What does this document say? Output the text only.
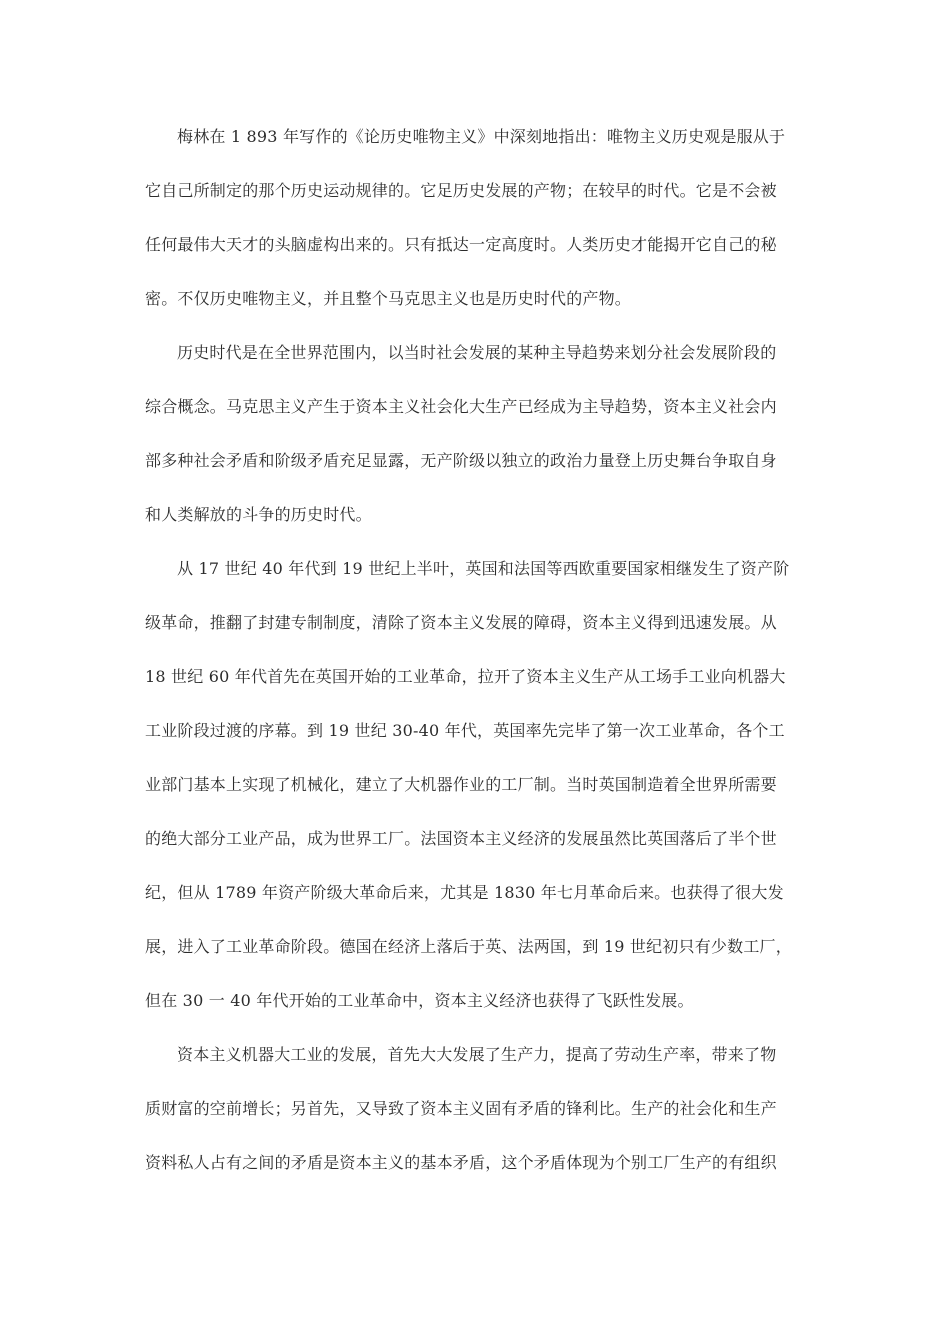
梅林在 1 893 年写作的《论历史唯物主义》中深刻地指出：唯物主义历史观是服从于
它自己所制定的那个历史运动规律的。它足历史发展的产物；在较早的时代。它是不会被
任何最伟大天才的头脑虚构出来的。只有抵达一定高度时。人类历史才能揭开它自己的秘
密。不仅历史唯物主义，并且整个马克思主义也是历史时代的产物。

历史时代是在全世界范围内，以当时社会发展的某种主导趋势来划分社会发展阶段的
综合概念。马克思主义产生于资本主义社会化大生产已经成为主导趋势，资本主义社会内
部多种社会矛盾和阶级矛盾充足显露，无产阶级以独立的政治力量登上历史舞台争取自身
和人类解放的斗争的历史时代。

从 17 世纪 40 年代到 19 世纪上半叶，英国和法国等西欧重要国家相继发生了资产阶
级革命，推翻了封建专制制度，清除了资本主义发展的障碍，资本主义得到迅速发展。从
18 世纪 60 年代首先在英国开始的工业革命，拉开了资本主义生产从工场手工业向机器大
工业阶段过渡的序幕。到 19 世纪 30-40 年代，英国率先完毕了第一次工业革命，各个工
业部门基本上实现了机械化，建立了大机器作业的工厂制。当时英国制造着全世界所需要
的绝大部分工业产品，成为世界工厂。法国资本主义经济的发展虽然比英国落后了半个世
纪，但从 1789 年资产阶级大革命后来，尤其是 1830 年七月革命后来。也获得了很大发
展，进入了工业革命阶段。德国在经济上落后于英、法两国，到 19 世纪初只有少数工厂，
但在 30 一 40 年代开始的工业革命中，资本主义经济也获得了飞跃性发展。

资本主义机器大工业的发展，首先大大发展了生产力，提高了劳动生产率，带来了物
质财富的空前增长；另首先，又导致了资本主义固有矛盾的锋利比。生产的社会化和生产
资料私人占有之间的矛盾是资本主义的基本矛盾，这个矛盾体现为个别工厂生产的有组织
